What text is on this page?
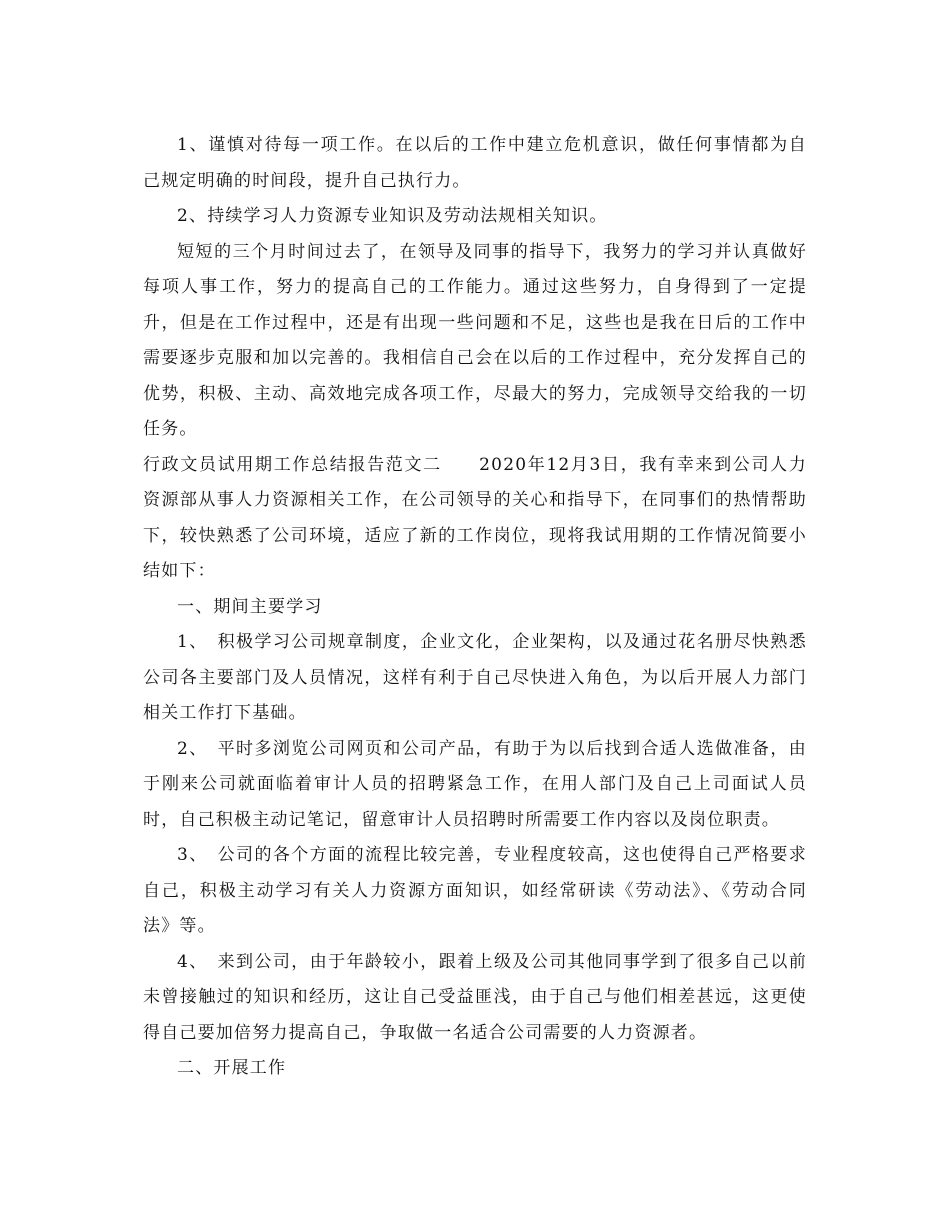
1、谨慎对待每一项工作。在以后的工作中建立危机意识，做任何事情都为自己规定明确的时间段，提升自己执行力。

2、持续学习人力资源专业知识及劳动法规相关知识。

短短的三个月时间过去了，在领导及同事的指导下，我努力的学习并认真做好每项人事工作，努力的提高自己的工作能力。通过这些努力，自身得到了一定提升，但是在工作过程中，还是有出现一些问题和不足，这些也是我在日后的工作中需要逐步克服和加以完善的。我相信自己会在以后的工作过程中，充分发挥自己的优势，积极、主动、高效地完成各项工作，尽最大的努力，完成领导交给我的一切任务。

行政文员试用期工作总结报告范文二　　2020年12月3日，我有幸来到公司人力资源部从事人力资源相关工作，在公司领导的关心和指导下，在同事们的热情帮助下，较快熟悉了公司环境，适应了新的工作岗位，现将我试用期的工作情况简要小结如下：

一、期间主要学习

1、　积极学习公司规章制度，企业文化，企业架构，以及通过花名册尽快熟悉公司各主要部门及人员情况，这样有利于自己尽快进入角色，为以后开展人力部门相关工作打下基础。

2、　平时多浏览公司网页和公司产品，有助于为以后找到合适人选做准备，由于刚来公司就面临着审计人员的招聘紧急工作，在用人部门及自己上司面试人员时，自己积极主动记笔记，留意审计人员招聘时所需要工作内容以及岗位职责。

3、　公司的各个方面的流程比较完善，专业程度较高，这也使得自己严格要求自己，积极主动学习有关人力资源方面知识，如经常研读《劳动法》、《劳动合同法》等。

4、　来到公司，由于年龄较小，跟着上级及公司其他同事学到了很多自己以前未曾接触过的知识和经历，这让自己受益匪浅，由于自己与他们相差甚远，这更使得自己要加倍努力提高自己，争取做一名适合公司需要的人力资源者。

二、开展工作
